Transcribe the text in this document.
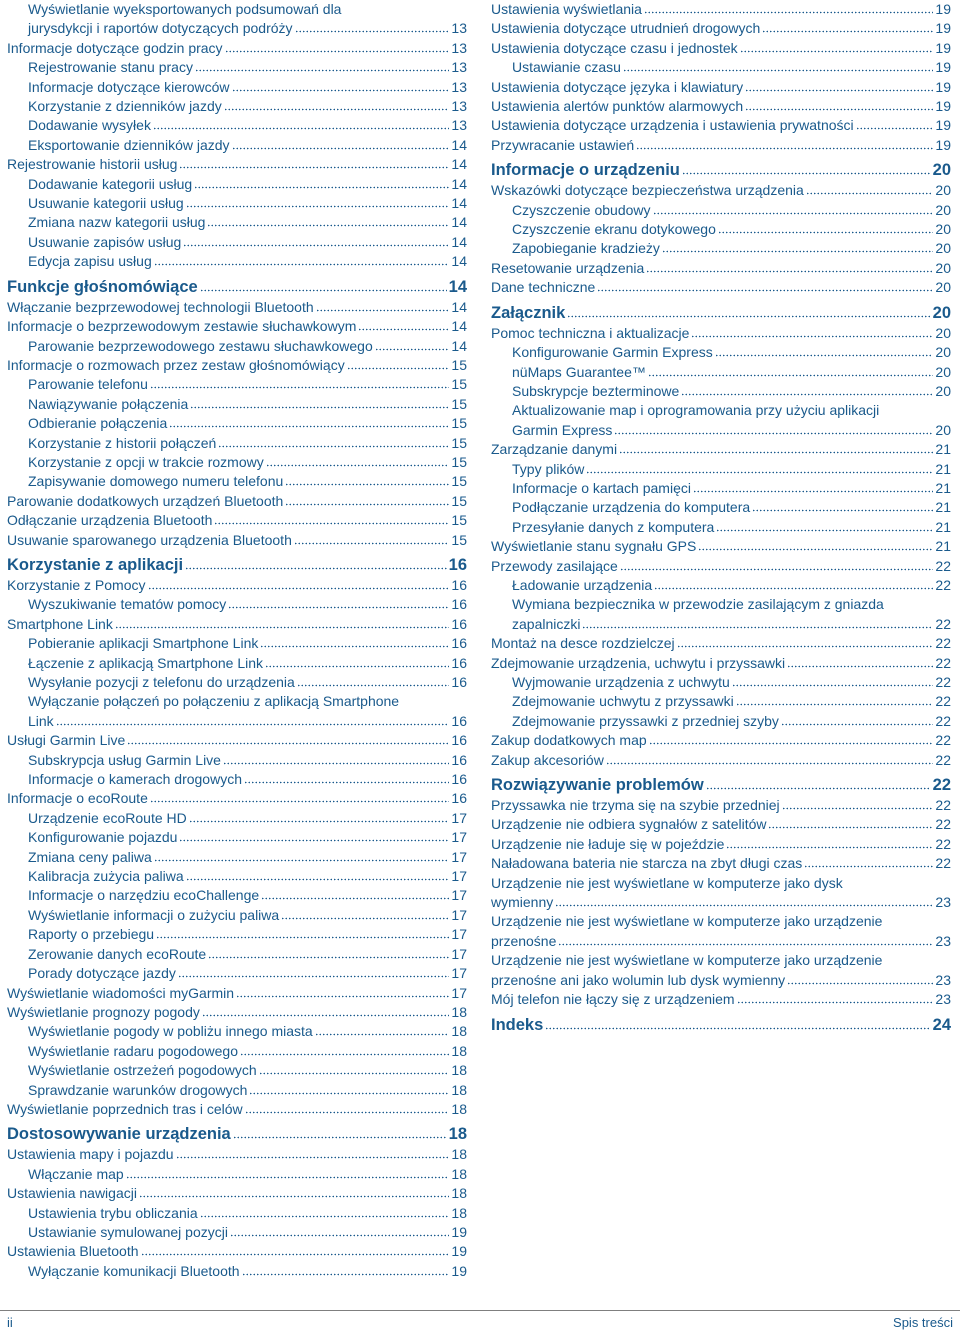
Wyświetlanie wyeksportowanych podsumowań dla
jurysdykcji i raportów dotyczących podróży	13
Informacje dotyczące godzin pracy	13
Rejestrowanie stanu pracy	13
Informacje dotyczące kierowców	13
Korzystanie z dzienników jazdy	13
Dodawanie wysyłek	13
Eksportowanie dzienników jazdy	14
Rejestrowanie historii usług	14
Dodawanie kategorii usług	14
Usuwanie kategorii usług	14
Zmiana nazw kategorii usług	14
Usuwanie zapisów usług	14
Edycja zapisu usług	14
Funkcje głośnomówiące	14
Włączanie bezprzewodowej technologii Bluetooth	14
Informacje o bezprzewodowym zestawie słuchawkowym	14
Parowanie bezprzewodowego zestawu słuchawkowego	14
Informacje o rozmowach przez zestaw głośnomówiący	15
Parowanie telefonu	15
Nawiązywanie połączenia	15
Odbieranie połączenia	15
Korzystanie z historii połączeń	15
Korzystanie z opcji w trakcie rozmowy	15
Zapisywanie domowego numeru telefonu	15
Parowanie dodatkowych urządzeń Bluetooth	15
Odłączanie urządzenia Bluetooth	15
Usuwanie sparowanego urządzenia Bluetooth	15
Korzystanie z aplikacji	16
Korzystanie z Pomocy	16
Wyszukiwanie tematów pomocy	16
Smartphone Link	16
Pobieranie aplikacji Smartphone Link	16
Łączenie z aplikacją Smartphone Link	16
Wysyłanie pozycji z telefonu do urządzenia	16
Wyłączanie połączeń po połączeniu z aplikacją Smartphone
Link	16
Usługi Garmin Live	16
Subskrypcja usług Garmin Live	16
Informacje o kamerach drogowych	16
Informacje o ecoRoute	16
Urządzenie ecoRoute HD	17
Konfigurowanie pojazdu	17
Zmiana ceny paliwa	17
Kalibracja zużycia paliwa	17
Informacje o narzędziu ecoChallenge	17
Wyświetlanie informacji o zużyciu paliwa	17
Raporty o przebiegu	17
Zerowanie danych ecoRoute	17
Porady dotyczące jazdy	17
Wyświetlanie wiadomości myGarmin	17
Wyświetlanie prognozy pogody	18
Wyświetlanie pogody w pobliżu innego miasta	18
Wyświetlanie radaru pogodowego	18
Wyświetlanie ostrzeżeń pogodowych	18
Sprawdzanie warunków drogowych	18
Wyświetlanie poprzednich tras i celów	18
Dostosowywanie urządzenia	18
Ustawienia mapy i pojazdu	18
Włączanie map	18
Ustawienia nawigacji	18
Ustawienia trybu obliczania	18
Ustawianie symulowanej pozycji	19
Ustawienia Bluetooth	19
Wyłączanie komunikacji Bluetooth	19
Ustawienia wyświetlania	19
Ustawienia dotyczące utrudnień drogowych	19
Ustawienia dotyczące czasu i jednostek	19
Ustawianie czasu	19
Ustawienia dotyczące języka i klawiatury	19
Ustawienia alertów punktów alarmowych	19
Ustawienia dotyczące urządzenia i ustawienia prywatności	19
Przywracanie ustawień	19
Informacje o urządzeniu	20
Wskazówki dotyczące bezpieczeństwa urządzenia	20
Czyszczenie obudowy	20
Czyszczenie ekranu dotykowego	20
Zapobieganie kradzieży	20
Resetowanie urządzenia	20
Dane techniczne	20
Załącznik	20
Pomoc techniczna i aktualizacje	20
Konfigurowanie Garmin Express	20
nüMaps Guarantee™	20
Subskrypcje bezterminowe	20
Aktualizowanie map i oprogramowania przy użyciu aplikacji
Garmin Express	20
Zarządzanie danymi	21
Typy plików	21
Informacje o kartach pamięci	21
Podłączanie urządzenia do komputera	21
Przesyłanie danych z komputera	21
Wyświetlanie stanu sygnału GPS	21
Przewody zasilające	22
Ładowanie urządzenia	22
Wymiana bezpiecznika w przewodzie zasilającym z gniazda
zapalniczki	22
Montaż na desce rozdzielczej	22
Zdejmowanie urządzenia, uchwytu i przyssawki	22
Wyjmowanie urządzenia z uchwytu	22
Zdejmowanie uchwytu z przyssawki	22
Zdejmowanie przyssawki z przedniej szyby	22
Zakup dodatkowych map	22
Zakup akcesoriów	22
Rozwiązywanie problemów	22
Przyssawka nie trzyma się na szybie przedniej	22
Urządzenie nie odbiera sygnałów z satelitów	22
Urządzenie nie ładuje się w pojeździe	22
Naładowana bateria nie starcza na zbyt długi czas	22
Urządzenie nie jest wyświetlane w komputerze jako dysk
wymienny	23
Urządzenie nie jest wyświetlane w komputerze jako urządzenie
przenośne	23
Urządzenie nie jest wyświetlane w komputerze jako urządzenie
przenośne ani jako wolumin lub dysk wymienny	23
Mój telefon nie łączy się z urządzeniem	23
Indeks	24
ii	Spis treści
